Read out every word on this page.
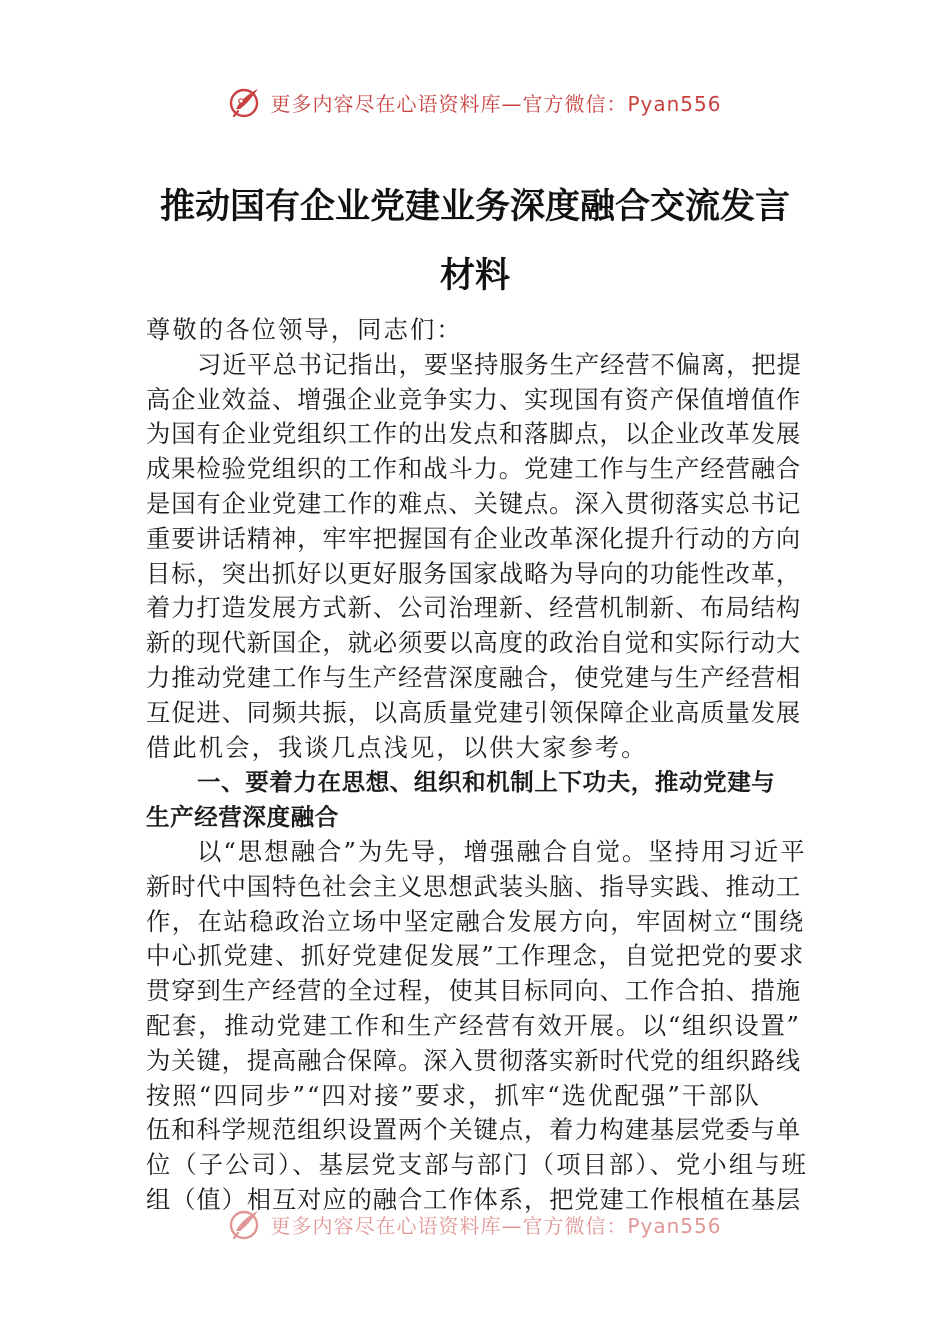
更多内容尽在心语资料库—官方微信：Pyan556
推动国有企业党建业务深度融合交流发言
材料
尊敬的各位领导，同志们：
习近平总书记指出，要坚持服务生产经营不偏离，把提
高企业效益、增强企业竞争实力、实现国有资产保值增值作
为国有企业党组织工作的出发点和落脚点，以企业改革发展
成果检验党组织的工作和战斗力。党建工作与生产经营融合
是国有企业党建工作的难点、关键点。深入贯彻落实总书记
重要讲话精神，牢牢把握国有企业改革深化提升行动的方向
目标，突出抓好以更好服务国家战略为导向的功能性改革，
着力打造发展方式新、公司治理新、经营机制新、布局结构
新的现代新国企，就必须要以高度的政治自觉和实际行动大
力推动党建工作与生产经营深度融合，使党建与生产经营相
互促进、同频共振，以高质量党建引领保障企业高质量发展
借此机会，我谈几点浅见，以供大家参考。
一、要着力在思想、组织和机制上下功夫，推动党建与
生产经营深度融合
以“思想融合”为先导，增强融合自觉。坚持用习近平
新时代中国特色社会主义思想武装头脑、指导实践、推动工
作，在站稳政治立场中坚定融合发展方向，牢固树立“围绕
中心抓党建、抓好党建促发展”工作理念，自觉把党的要求
贯穿到生产经营的全过程，使其目标同向、工作合拍、措施
配套，推动党建工作和生产经营有效开展。以“组织设置”
为关键，提高融合保障。深入贯彻落实新时代党的组织路线
按照“四同步”“四对接”要求，抓牢“选优配强”干部队
伍和科学规范组织设置两个关键点，着力构建基层党委与单
位（子公司）、基层党支部与部门（项目部）、党小组与班
组（值）相互对应的融合工作体系，把党建工作根植在基层
更多内容尽在心语资料库—官方微信：Pyan556
